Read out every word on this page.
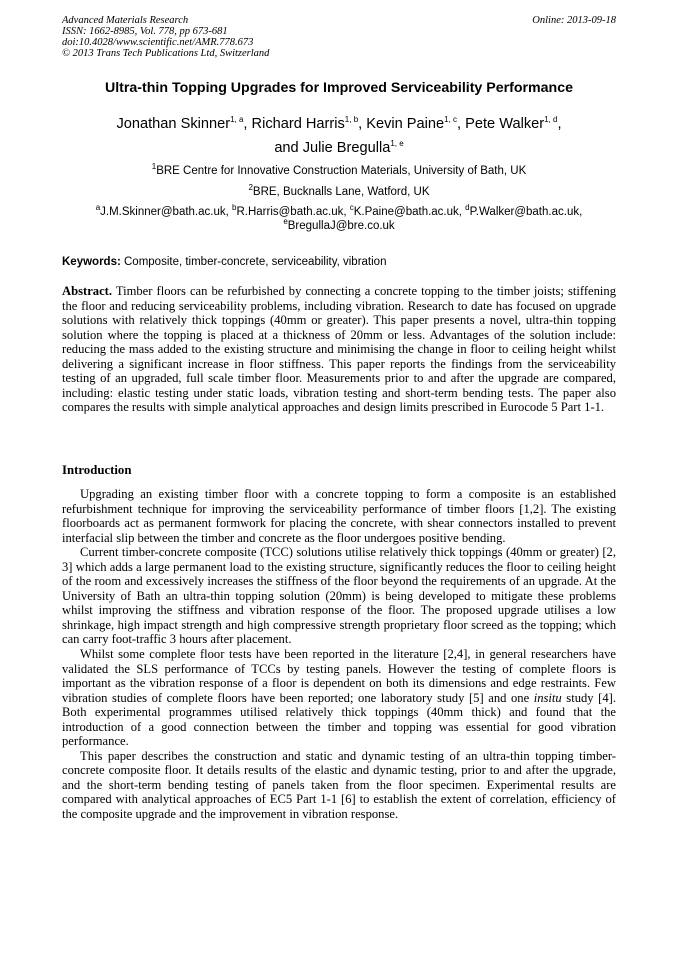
Advanced Materials Research
ISSN: 1662-8985, Vol. 778, pp 673-681
doi:10.4028/www.scientific.net/AMR.778.673
© 2013 Trans Tech Publications Ltd, Switzerland
Online: 2013-09-18
Ultra-thin Topping Upgrades for Improved Serviceability Performance
Jonathan Skinner$^{1, a}$, Richard Harris$^{1, b}$, Kevin Paine$^{1, c}$, Pete Walker$^{1, d}$,
and Julie Bregulla$^{1, e}$
$^1$BRE Centre for Innovative Construction Materials, University of Bath, UK
$^2$BRE, Bucknalls Lane, Watford, UK
$^a$J.M.Skinner@bath.ac.uk, $^b$R.Harris@bath.ac.uk, $^c$K.Paine@bath.ac.uk, $^d$P.Walker@bath.ac.uk,
$^e$BregullaJ@bre.co.uk
Keywords: Composite, timber-concrete, serviceability, vibration
Abstract. Timber floors can be refurbished by connecting a concrete topping to the timber joists; stiffening the floor and reducing serviceability problems, including vibration. Research to date has focused on upgrade solutions with relatively thick toppings (40mm or greater). This paper presents a novel, ultra-thin topping solution where the topping is placed at a thickness of 20mm or less. Advantages of the solution include: reducing the mass added to the existing structure and minimising the change in floor to ceiling height whilst delivering a significant increase in floor stiffness. This paper reports the findings from the serviceability testing of an upgraded, full scale timber floor. Measurements prior to and after the upgrade are compared, including: elastic testing under static loads, vibration testing and short-term bending tests. The paper also compares the results with simple analytical approaches and design limits prescribed in Eurocode 5 Part 1-1.
Introduction

Upgrading an existing timber floor with a concrete topping to form a composite is an established refurbishment technique for improving the serviceability performance of timber floors [1,2]. The existing floorboards act as permanent formwork for placing the concrete, with shear connectors installed to prevent interfacial slip between the timber and concrete as the floor undergoes positive bending.

Current timber-concrete composite (TCC) solutions utilise relatively thick toppings (40mm or greater) [2, 3] which adds a large permanent load to the existing structure, significantly reduces the floor to ceiling height of the room and excessively increases the stiffness of the floor beyond the requirements of an upgrade. At the University of Bath an ultra-thin topping solution (20mm) is being developed to mitigate these problems whilst improving the stiffness and vibration response of the floor. The proposed upgrade utilises a low shrinkage, high impact strength and high compressive strength proprietary floor screed as the topping; which can carry foot-traffic 3 hours after placement.

Whilst some complete floor tests have been reported in the literature [2,4], in general researchers have validated the SLS performance of TCCs by testing panels. However the testing of complete floors is important as the vibration response of a floor is dependent on both its dimensions and edge restraints. Few vibration studies of complete floors have been reported; one laboratory study [5] and one insitu study [4]. Both experimental programmes utilised relatively thick toppings (40mm thick) and found that the introduction of a good connection between the timber and topping was essential for good vibration performance.

This paper describes the construction and static and dynamic testing of an ultra-thin topping timber-concrete composite floor. It details results of the elastic and dynamic testing, prior to and after the upgrade, and the short-term bending testing of panels taken from the floor specimen. Experimental results are compared with analytical approaches of EC5 Part 1-1 [6] to establish the extent of correlation, efficiency of the composite upgrade and the improvement in vibration response.
